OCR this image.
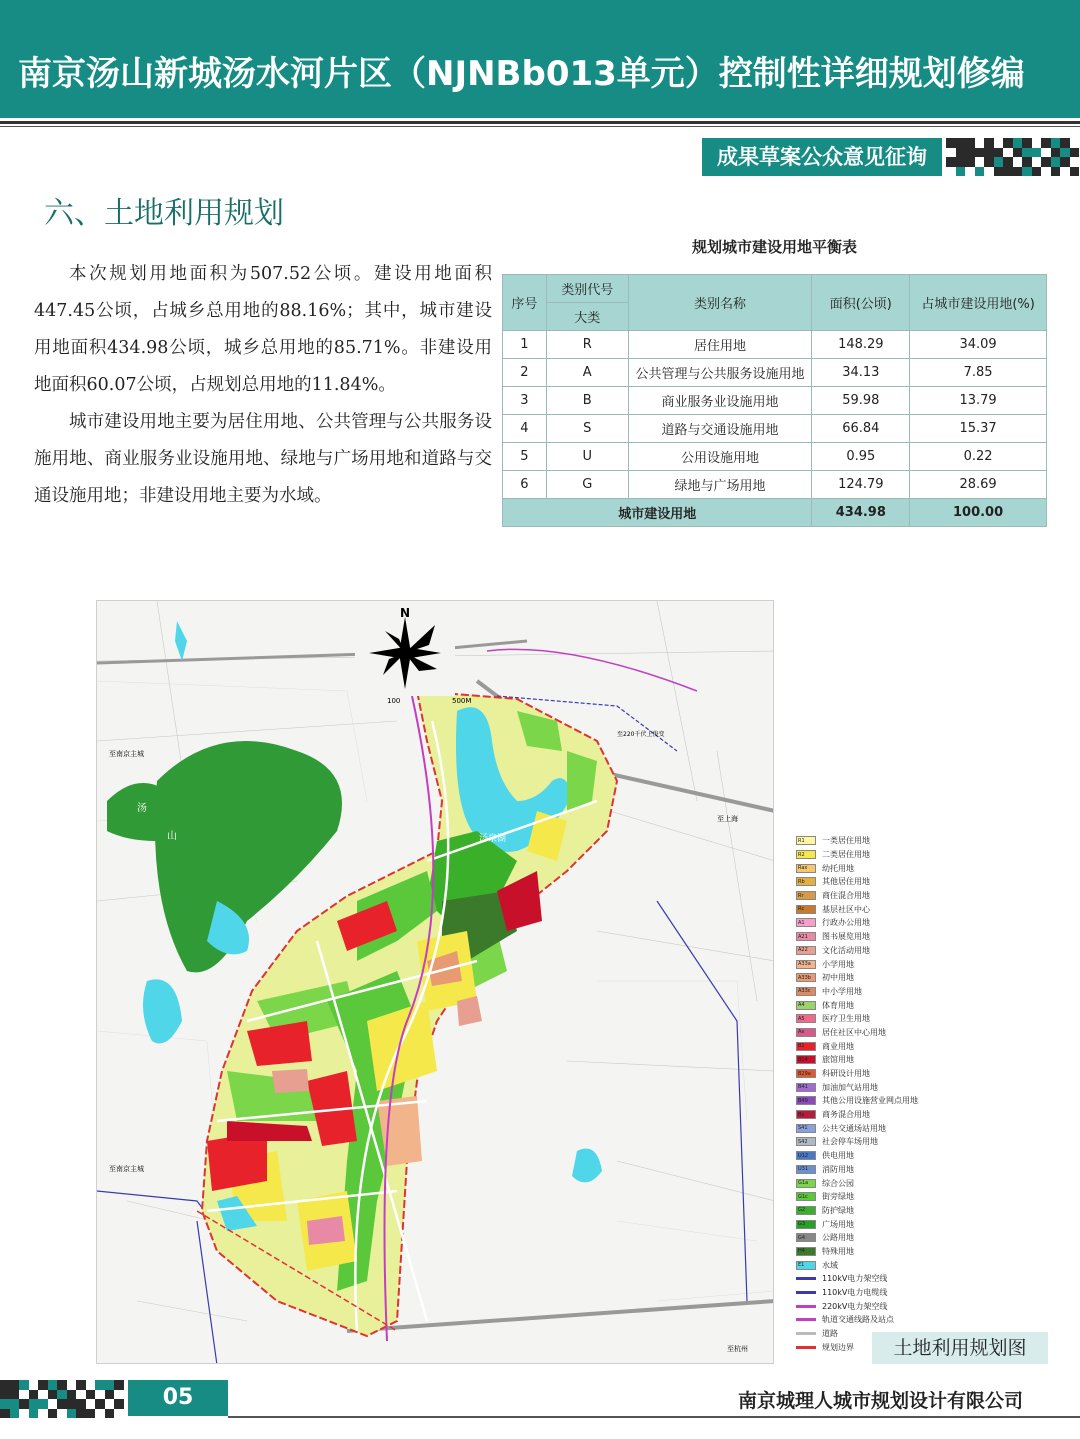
南京汤山新城汤水河片区（NJNBb013单元）控制性详细规划修编
成果草案公众意见征询
六、土地利用规划

本次规划用地面积为507.52公顷。建设用地面积447.45公顷，占城乡总用地的88.16%；其中，城市建设用地面积434.98公顷，城乡总用地的85.71%。非建设用地面积60.07公顷，占规划总用地的11.84%。

城市建设用地主要为居住用地、公共管理与公共服务设施用地、商业服务业设施用地、绿地与广场用地和道路与交通设施用地；非建设用地主要为水域。

规划城市建设用地平衡表
序号	类别代号	类别名称	面积(公顷)	占城市建设用地(%)
	大类			
1	R	居住用地	148.29	34.09
2	A	公共管理与公共服务设施用地	34.13	7.85
3	B	商业服务业设施用地	59.98	13.79
4	S	道路与交通设施用地	66.84	15.37
5	U	公用设施用地	0.95	0.22
6	G	绿地与广场用地	124.79	28.69
城市建设用地			434.98	100.00
N
100	500M
汤泉湖
汤
山
至南京主城
至南京主城
至上海
至220千伏上俊变
至杭州
一类居住用地
二类居住用地
幼托用地
其他居住用地
商住混合用地
基层社区中心
行政办公用地
图书展览用地
文化活动用地
小学用地
初中用地
中小学用地
体育用地
医疗卫生用地
居住社区中心用地
商业用地
旅馆用地
科研设计用地
加油加气站用地
其他公用设施营业网点用地
商务混合用地
公共交通场站用地
社会停车场用地
供电用地
消防用地
综合公园
街旁绿地
防护绿地
广场用地
公路用地
特殊用地
水域
110kV电力架空线
110kV电力电缆线
220kV电力架空线
轨道交通线路及站点
道路
规划边界	土地利用规划图
05	南京城理人城市规划设计有限公司
